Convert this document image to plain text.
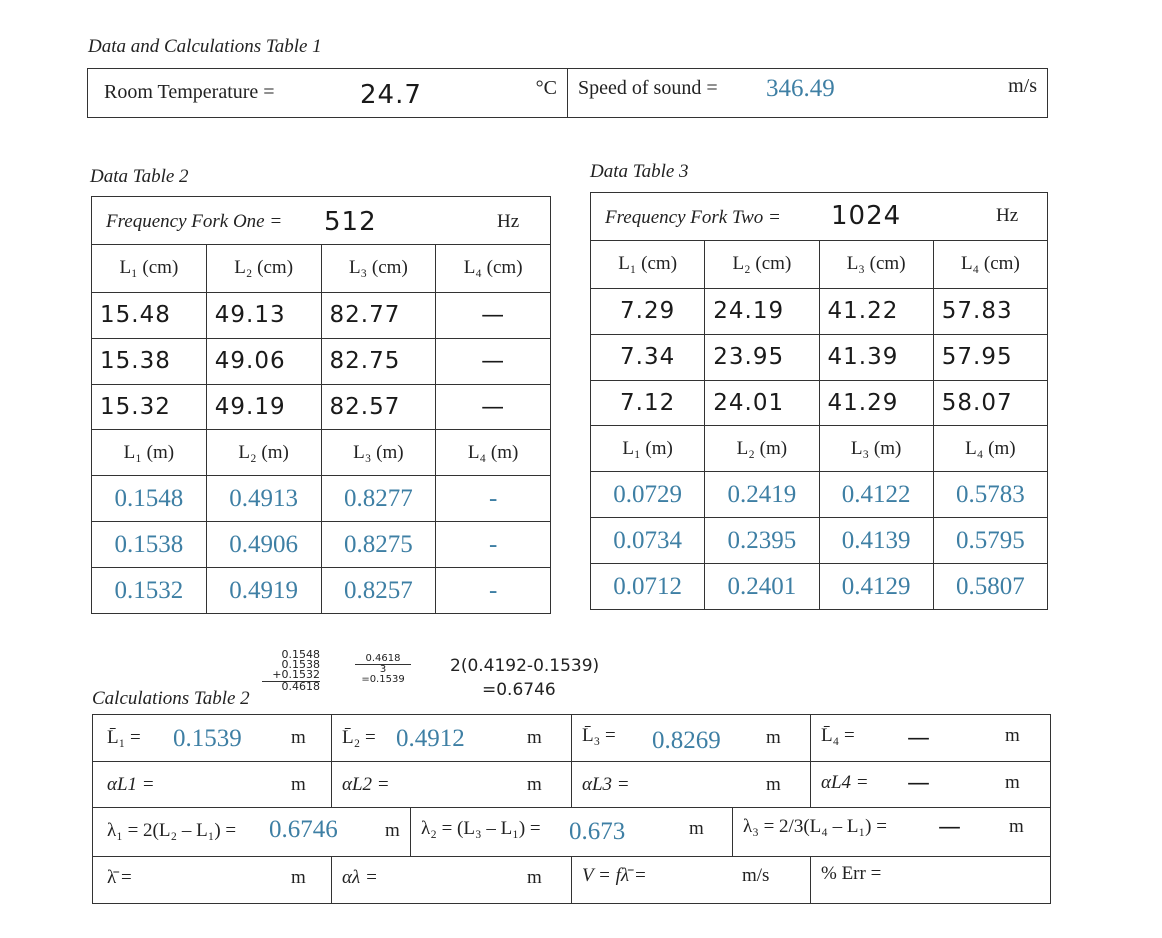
Data and Calculations Table 1
Room Temperature =	24.7	°C	Speed of sound = 346.49	m/s
Data Table 2
Frequency Fork One = 512 Hz			

L₁ (cm)	L₂ (cm)	L₃ (cm)	L₄ (cm)
15.48	49.13	82.77	—
15.38	49.06	82.75	—
15.32	49.19	82.57	—
L₁ (m)	L₂ (m)	L₃ (m)	L₄ (m)
0.1548	0.4913	0.8277	-
0.1538	0.4906	0.8275	-
0.1532	0.4919	0.8257	-
Data Table 3
Frequency Fork Two = 1024 Hz			

L₁ (cm)	L₂ (cm)	L₃ (cm)	L₄ (cm)
7.29	24.19	41.22	57.83
7.34	23.95	41.39	57.95
7.12	24.01	41.29	58.07
L₁ (m)	L₂ (m)	L₃ (m)	L₄ (m)
0.0729	0.2419	0.4122	0.5783
0.0734	0.2395	0.4139	0.5795
0.0712	0.2401	0.4129	0.5807
0.1548
0.1538
+0.1532
0.4618
0.4618
3
=0.1539
2(0.4192-0.1539)
=0.6746
Calculations Table 2
L̄₁ = 0.1539 m	L̄₂ = 0.4912 m		L̄₃ = 0.8269 m		L̄₄ = — m

αL1 = m	αL2 = m		αL3 = m		αL4 = — m

λ₁ = 2(L₂ – L₁) = 0.6746 m		λ₂ = (L₃ – L₁) = 0.673 m		λ₃ = 2/3(L₄ – L₁) = — m	

λ̄ = m	αλ = m		V = fλ̄ = m/s		% Err =
